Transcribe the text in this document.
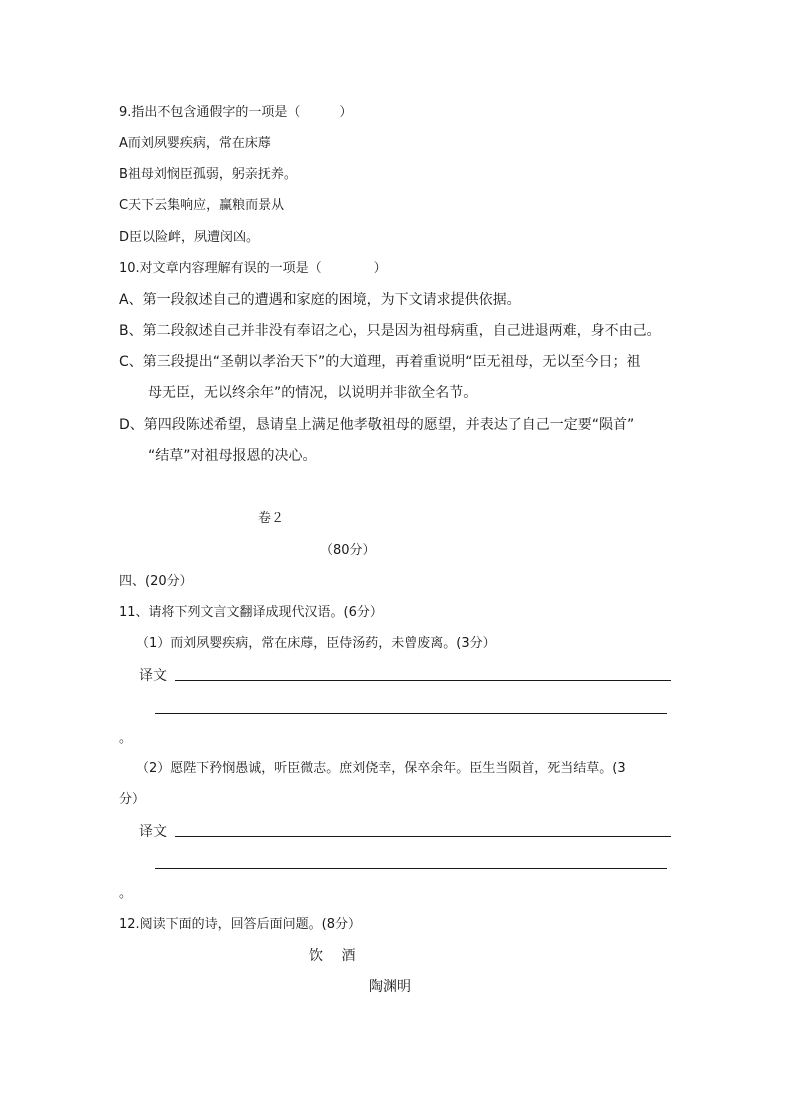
9.指出不包含通假字的一项是（　　　）
A而刘夙婴疾病，常在床蓐
B祖母刘悯臣孤弱，躬亲抚养。
C天下云集响应，赢粮而景从
D臣以险衅，夙遭闵凶。
10.对文章内容理解有误的一项是（　　　　）
A、第一段叙述自己的遭遇和家庭的困境，为下文请求提供依据。
B、第二段叙述自己并非没有奉诏之心，只是因为祖母病重，自己进退两难，身不由己。
C、第三段提出“圣朝以孝治天下”的大道理，再着重说明“臣无祖母，无以至今日；祖
母无臣，无以终余年”的情况，以说明并非欲全名节。
D、第四段陈述希望，恳请皇上满足他孝敬祖母的愿望，并表达了自己一定要“陨首”
“结草”对祖母报恩的决心。
卷２
（80分）
四、(20分）
11、请将下列文言文翻译成现代汉语。(6分）
（1）而刘夙婴疾病，常在床蓐，臣侍汤药，未曾废离。(3分）
译文
。
（2）愿陛下矜悯愚诚，听臣微志。庶刘侥幸，保卒余年。臣生当陨首，死当结草。(3
分）
译文
。
12.阅读下面的诗，回答后面问题。(8分）
饮　 酒
陶渊明
